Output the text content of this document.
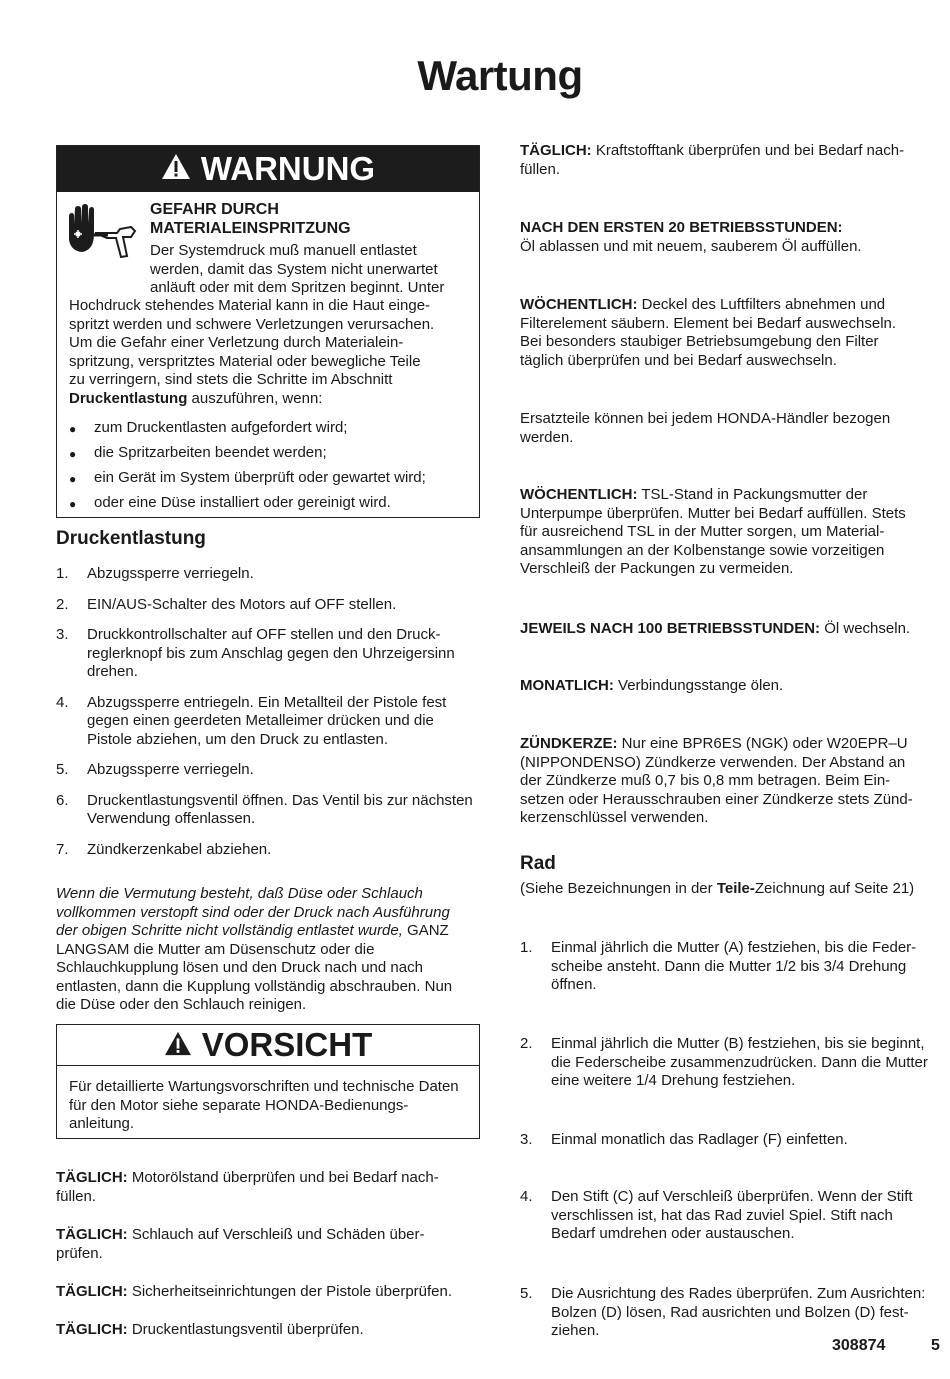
Wartung
WARNUNG
GEFAHR DURCH
MATERIALEINSPRITZUNG
Der Systemdruck muß manuell entlastet
werden, damit das System nicht unerwartet
anläuft oder mit dem Spritzen beginnt. Unter
Hochdruck stehendes Material kann in die Haut einge-
spritzt werden und schwere Verletzungen verursachen.
Um die Gefahr einer Verletzung durch Materialein-
spritzung, verspritztes Material oder bewegliche Teile
zu verringern, sind stets die Schritte im Abschnitt
Druckentlastung auszuführen, wenn:
● zum Druckentlasten aufgefordert wird;
● die Spritzarbeiten beendet werden;
● ein Gerät im System überprüft oder gewartet wird;
● oder eine Düse installiert oder gereinigt wird.
Druckentlastung
1. Abzugssperre verriegeln.
2. EIN/AUS-Schalter des Motors auf OFF stellen.
3. Druckkontrollschalter auf OFF stellen und den Druck-reglerknopf bis zum Anschlag gegen den Uhrzeigersinn drehen.
4. Abzugssperre entriegeln. Ein Metallteil der Pistole fest gegen einen geerdeten Metalleimer drücken und die Pistole abziehen, um den Druck zu entlasten.
5. Abzugssperre verriegeln.
6. Druckentlastungsventil öffnen. Das Ventil bis zur nächsten Verwendung offenlassen.
7. Zündkerzenkabel abziehen.

Wenn die Vermutung besteht, daß Düse oder Schlauch vollkommen verstopft sind oder der Druck nach Ausführung der obigen Schritte nicht vollständig entlastet wurde, GANZ LANGSAM die Mutter am Düsenschutz oder die Schlauchkupplung lösen und den Druck nach und nach entlasten, dann die Kupplung vollständig abschrauben. Nun die Düse oder den Schlauch reinigen.

VORSICHT
Für detaillierte Wartungsvorschriften und technische Daten für den Motor siehe separate HONDA-Bedienungs-anleitung.

TÄGLICH: Motorölstand überprüfen und bei Bedarf nach-füllen.

TÄGLICH: Schlauch auf Verschleiß und Schäden über-prüfen.

TÄGLICH: Sicherheitseinrichtungen der Pistole überprüfen.

TÄGLICH: Druckentlastungsventil überprüfen.

TÄGLICH: Kraftstofftank überprüfen und bei Bedarf nach-füllen.

NACH DEN ERSTEN 20 BETRIEBSSTUNDEN:
Öl ablassen und mit neuem, sauberem Öl auffüllen.

WÖCHENTLICH: Deckel des Luftfilters abnehmen und Filterelement säubern. Element bei Bedarf auswechseln. Bei besonders staubiger Betriebsumgebung den Filter täglich überprüfen und bei Bedarf auswechseln.

Ersatzteile können bei jedem HONDA-Händler bezogen werden.

WÖCHENTLICH: TSL-Stand in Packungsmutter der Unterpumpe überprüfen. Mutter bei Bedarf auffüllen. Stets für ausreichend TSL in der Mutter sorgen, um Material-ansammlungen an der Kolbenstange sowie vorzeitigen Verschleiß der Packungen zu vermeiden.

JEWEILS NACH 100 BETRIEBSSTUNDEN: Öl wechseln.

MONATLICH: Verbindungsstange ölen.

ZÜNDKERZE: Nur eine BPR6ES (NGK) oder W20EPR–U (NIPPONDENSO) Zündkerze verwenden. Der Abstand an der Zündkerze muß 0,7 bis 0,8 mm betragen. Beim Ein-setzen oder Herausschrauben einer Zündkerze stets Zünd-kerzenschlüssel verwenden.

Rad

(Siehe Bezeichnungen in der Teile-Zeichnung auf Seite 21)

1. Einmal jährlich die Mutter (A) festziehen, bis die Feder-scheibe ansteht. Dann die Mutter 1/2 bis 3/4 Drehung öffnen.
2. Einmal jährlich die Mutter (B) festziehen, bis sie beginnt, die Federscheibe zusammenzudrücken. Dann die Mutter eine weitere 1/4 Drehung festziehen.
3. Einmal monatlich das Radlager (F) einfetten.
4. Den Stift (C) auf Verschleiß überprüfen. Wenn der Stift verschlissen ist, hat das Rad zuviel Spiel. Stift nach Bedarf umdrehen oder austauschen.
5. Die Ausrichtung des Rades überprüfen. Zum Ausrichten: Bolzen (D) lösen, Rad ausrichten und Bolzen (D) fest-ziehen.
308874	5
